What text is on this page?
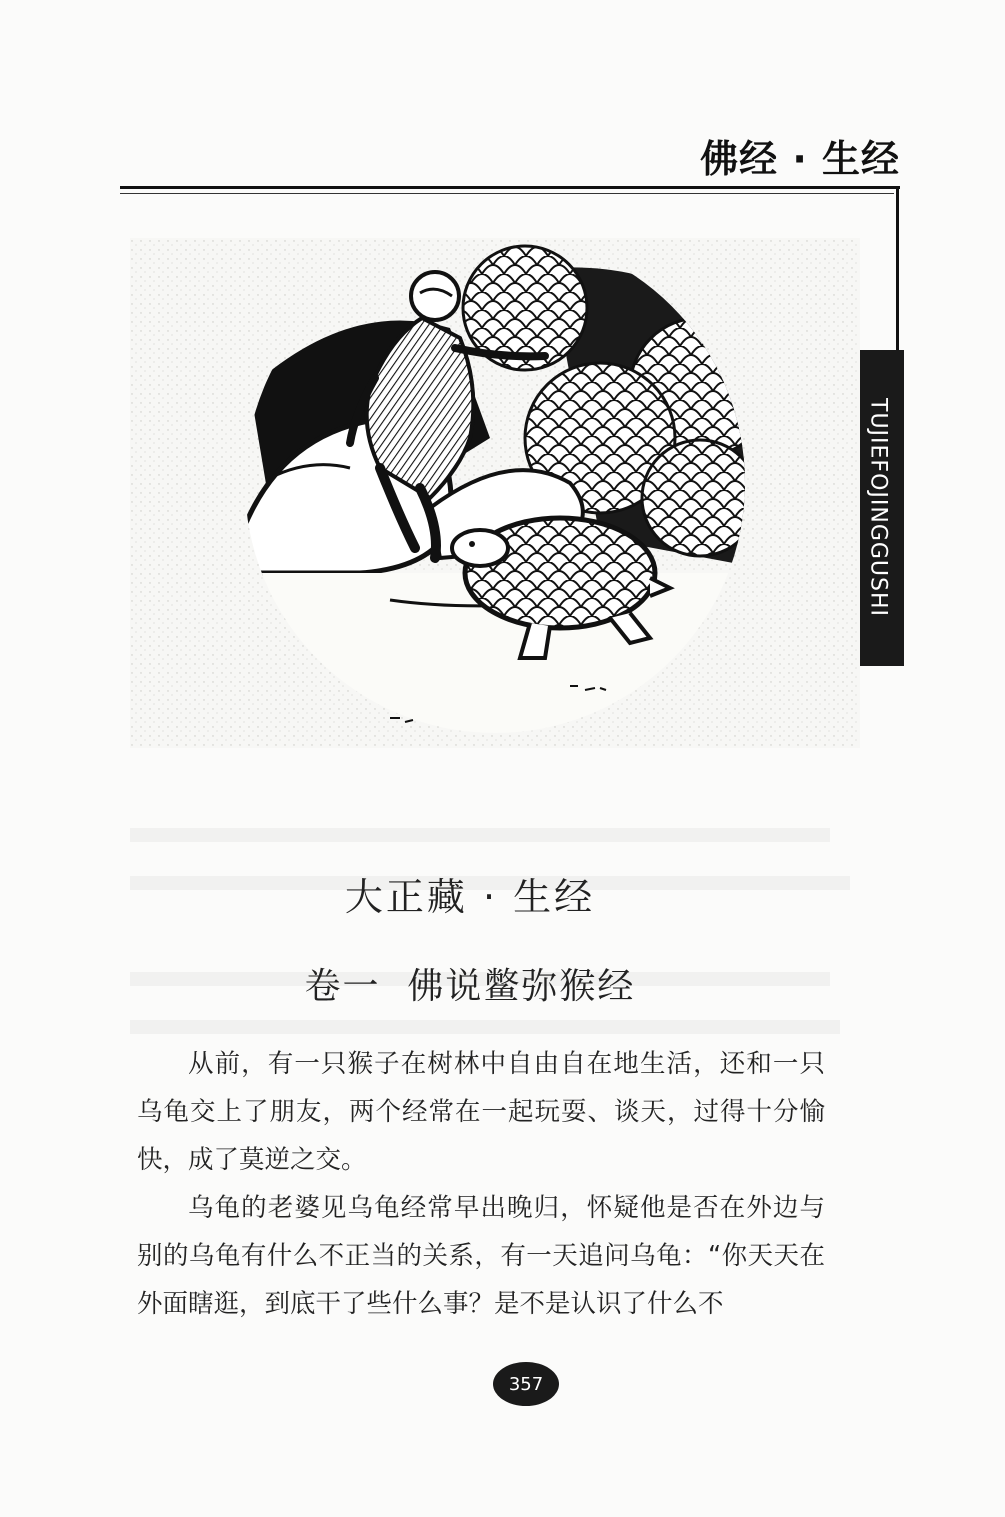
佛经 · 生经
TUJIEFOJINGGUSHI
大正藏 · 生经
卷一  佛说鳖弥猴经

从前，有一只猴子在树林中自由自在地生活，还和一只乌龟交上了朋友，两个经常在一起玩耍、谈天，过得十分愉快，成了莫逆之交。

乌龟的老婆见乌龟经常早出晚归，怀疑他是否在外边与别的乌龟有什么不正当的关系，有一天追问乌龟：“你天天在外面瞎逛，到底干了些什么事？是不是认识了什么不

357
